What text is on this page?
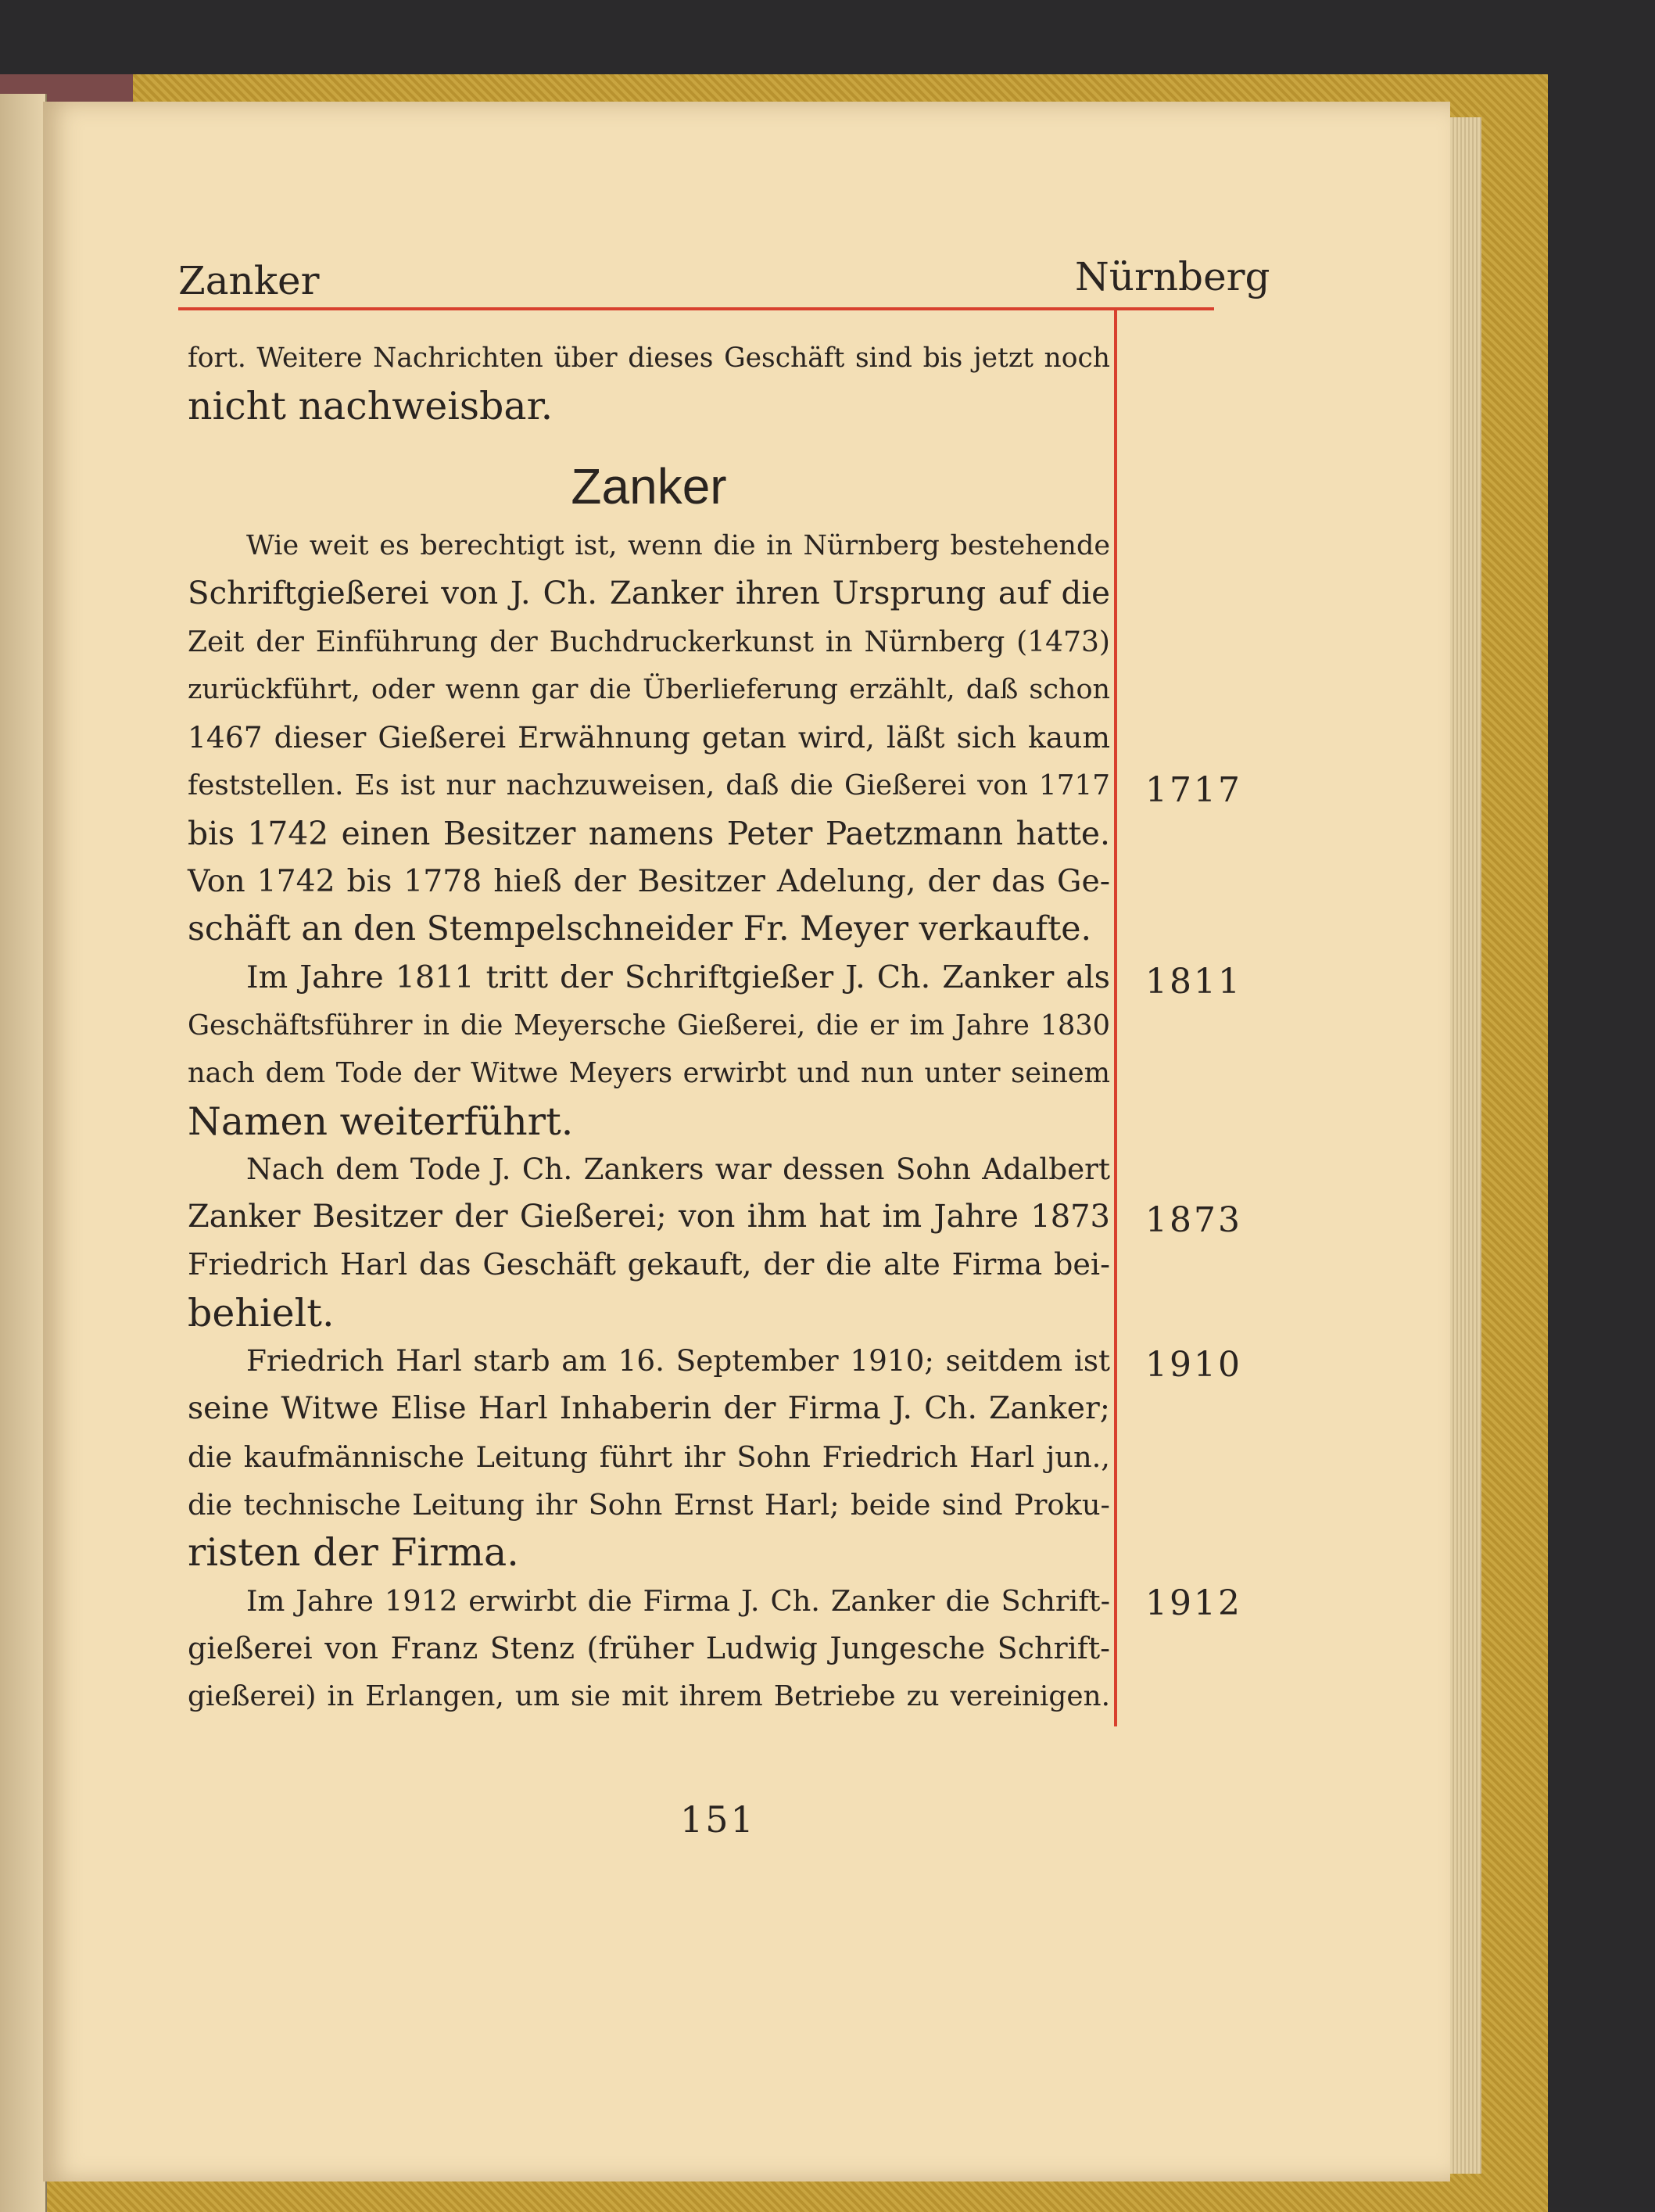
Zanker	Nürnberg
fort. Weitere Nachrichten über dieses Geschäft sind bis jetzt noch
nicht nachweisbar.
Zanker
Wie weit es berechtigt ist, wenn die in Nürnberg bestehende
Schriftgießerei von J. Ch. Zanker ihren Ursprung auf die
Zeit der Einführung der Buchdruckerkunst in Nürnberg (1473)
zurückführt, oder wenn gar die Überlieferung erzählt, daß schon
1467 dieser Gießerei Erwähnung getan wird, läßt sich kaum
feststellen. Es ist nur nachzuweisen, daß die Gießerei von 1717
bis 1742 einen Besitzer namens Peter Paetzmann hatte.
Von 1742 bis 1778 hieß der Besitzer Adelung, der das Ge-
schäft an den Stempelschneider Fr. Meyer verkaufte.
Im Jahre 1811 tritt der Schriftgießer J. Ch. Zanker als
Geschäftsführer in die Meyersche Gießerei, die er im Jahre 1830
nach dem Tode der Witwe Meyers erwirbt und nun unter seinem
Namen weiterführt.
Nach dem Tode J. Ch. Zankers war dessen Sohn Adalbert
Zanker Besitzer der Gießerei; von ihm hat im Jahre 1873
Friedrich Harl das Geschäft gekauft, der die alte Firma bei-
behielt.
Friedrich Harl starb am 16. September 1910; seitdem ist
seine Witwe Elise Harl Inhaberin der Firma J. Ch. Zanker;
die kaufmännische Leitung führt ihr Sohn Friedrich Harl jun.,
die technische Leitung ihr Sohn Ernst Harl; beide sind Proku-
risten der Firma.
Im Jahre 1912 erwirbt die Firma J. Ch. Zanker die Schrift-
gießerei von Franz Stenz (früher Ludwig Jungesche Schrift-
gießerei) in Erlangen, um sie mit ihrem Betriebe zu vereinigen.
1717
1811
1873
1910
1912
151
